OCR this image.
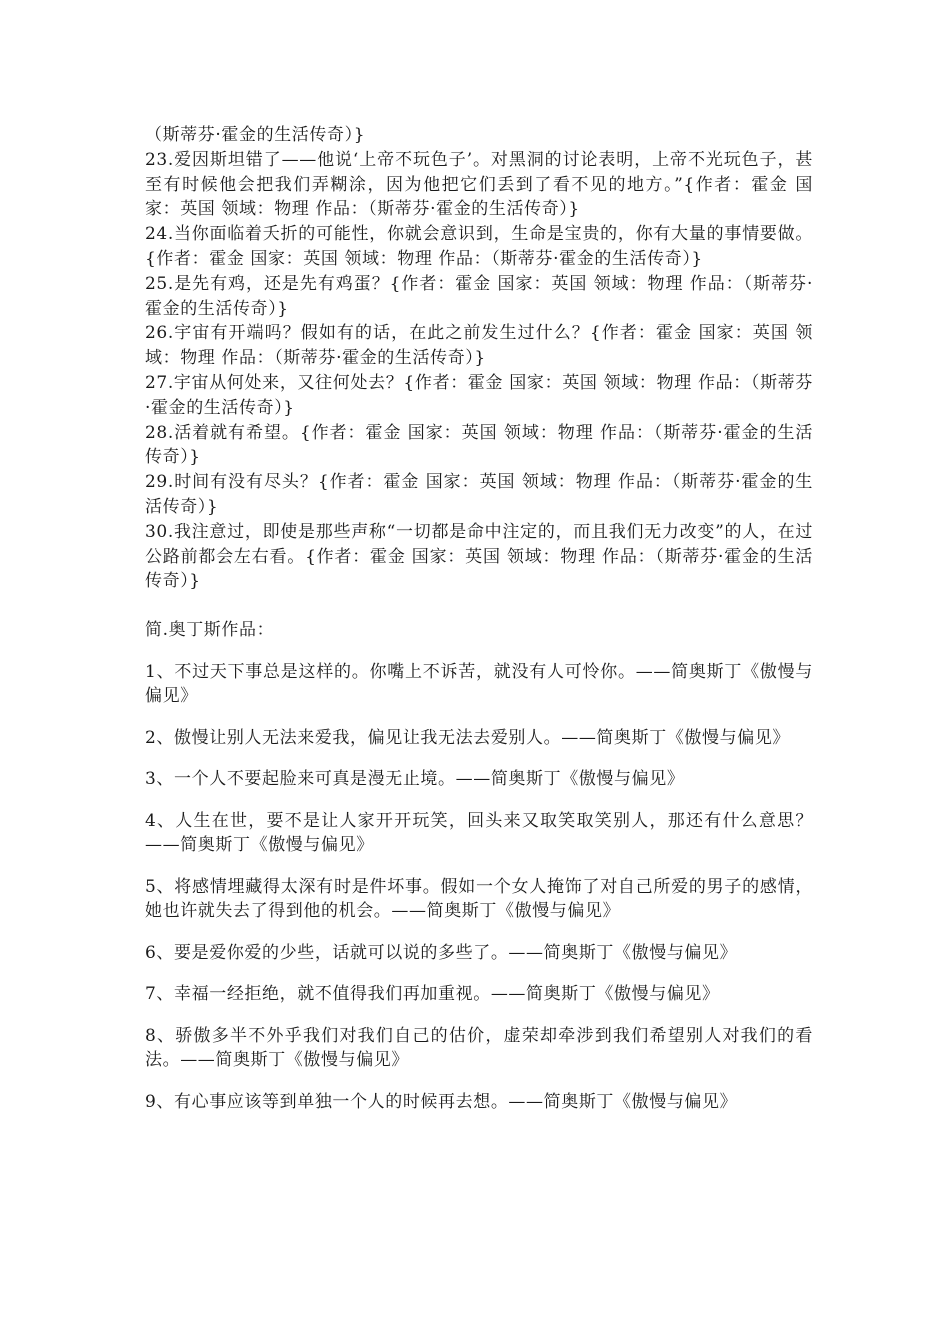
（斯蒂芬·霍金的生活传奇）}

23.爱因斯坦错了——他说‘上帝不玩色子’。对黑洞的讨论表明，上帝不光玩色子，甚至有时候他会把我们弄糊涂，因为他把它们丢到了看不见的地方。”{作者：霍金 国家：英国 领域：物理 作品：（斯蒂芬·霍金的生活传奇）}

24.当你面临着夭折的可能性，你就会意识到，生命是宝贵的，你有大量的事情要做。{作者：霍金 国家：英国 领域：物理 作品：（斯蒂芬·霍金的生活传奇）}

25.是先有鸡，还是先有鸡蛋？{作者：霍金 国家：英国 领域：物理 作品：（斯蒂芬·霍金的生活传奇）}

26.宇宙有开端吗？假如有的话，在此之前发生过什么？{作者：霍金 国家：英国 领域：物理 作品：（斯蒂芬·霍金的生活传奇）}

27.宇宙从何处来，又往何处去？{作者：霍金 国家：英国 领域：物理 作品：（斯蒂芬·霍金的生活传奇）}

28.活着就有希望。{作者：霍金 国家：英国 领域：物理 作品：（斯蒂芬·霍金的生活传奇）}

29.时间有没有尽头？{作者：霍金 国家：英国 领域：物理 作品：（斯蒂芬·霍金的生活传奇）}

30.我注意过，即使是那些声称“一切都是命中注定的，而且我们无力改变”的人，在过公路前都会左右看。{作者：霍金 国家：英国 领域：物理 作品：（斯蒂芬·霍金的生活传奇）}

简.奥丁斯作品：

1、不过天下事总是这样的。你嘴上不诉苦，就没有人可怜你。——简奥斯丁《傲慢与偏见》

2、傲慢让别人无法来爱我，偏见让我无法去爱别人。——简奥斯丁《傲慢与偏见》

3、一个人不要起脸来可真是漫无止境。——简奥斯丁《傲慢与偏见》

4、人生在世，要不是让人家开开玩笑，回头来又取笑取笑别人，那还有什么意思？——简奥斯丁《傲慢与偏见》

5、将感情埋藏得太深有时是件坏事。假如一个女人掩饰了对自己所爱的男子的感情，她也许就失去了得到他的机会。——简奥斯丁《傲慢与偏见》

6、要是爱你爱的少些，话就可以说的多些了。——简奥斯丁《傲慢与偏见》

7、幸福一经拒绝，就不值得我们再加重视。——简奥斯丁《傲慢与偏见》

8、骄傲多半不外乎我们对我们自己的估价，虚荣却牵涉到我们希望别人对我们的看法。——简奥斯丁《傲慢与偏见》

9、有心事应该等到单独一个人的时候再去想。——简奥斯丁《傲慢与偏见》
